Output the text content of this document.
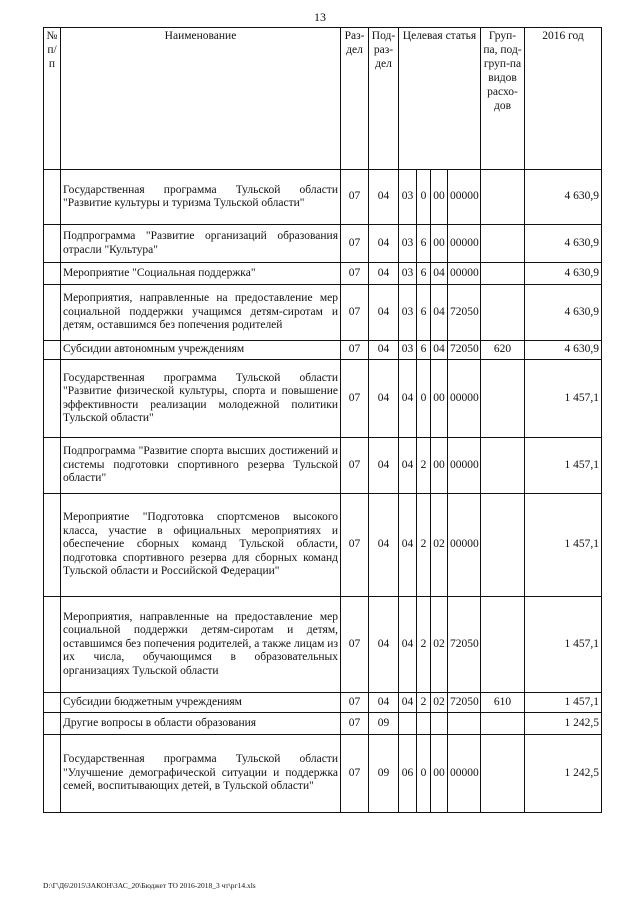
13
№ п/ п	Наименование	Раз-дел	Под-раз-дел	Целевая статья				Груп-па, под-груп-па видов расхо-дов	2016 год
	Государственная программа Тульской области "Развитие культуры и туризма Тульской области"	07	04	03	0	00	00000		4 630,9
	Подпрограмма "Развитие организаций образования отрасли "Культура"	07	04	03	6	00	00000		4 630,9
	Мероприятие "Социальная поддержка"	07	04	03	6	04	00000		4 630,9
	Мероприятия, направленные на предоставление мер социальной поддержки учащимся детям-сиротам и детям, оставшимся без попечения родителей	07	04	03	6	04	72050		4 630,9
	Субсидии автономным учреждениям	07	04	03	6	04	72050	620	4 630,9
	Государственная программа Тульской области "Развитие физической культуры, спорта и повышение эффективности реализации молодежной политики Тульской области"	07	04	04	0	00	00000		1 457,1
	Подпрограмма "Развитие спорта высших достижений и системы подготовки спортивного резерва Тульской области"	07	04	04	2	00	00000		1 457,1
	Мероприятие "Подготовка спортсменов высокого класса, участие в официальных мероприятиях и обеспечение сборных команд Тульской области, подготовка спортивного резерва для сборных команд Тульской области и Российской Федерации"	07	04	04	2	02	00000		1 457,1
	Мероприятия, направленные на предоставление мер социальной поддержки детям-сиротам и детям, оставшимся без попечения родителей, а также лицам из их числа, обучающимся в образовательных организациях Тульской области	07	04	04	2	02	72050		1 457,1
	Субсидии бюджетным учреждениям	07	04	04	2	02	72050	610	1 457,1
	Другие вопросы в области образования	07	09						1 242,5
	Государственная программа Тульской области "Улучшение демографической ситуации и поддержка семей, воспитывающих детей, в Тульской области"	07	09	06	0	00	00000		1 242,5
D:\Г\Д6\2015\ЗАКОН\ЗАС_20\Бюджет ТО 2016-2018_3 чт\рг14.xls
